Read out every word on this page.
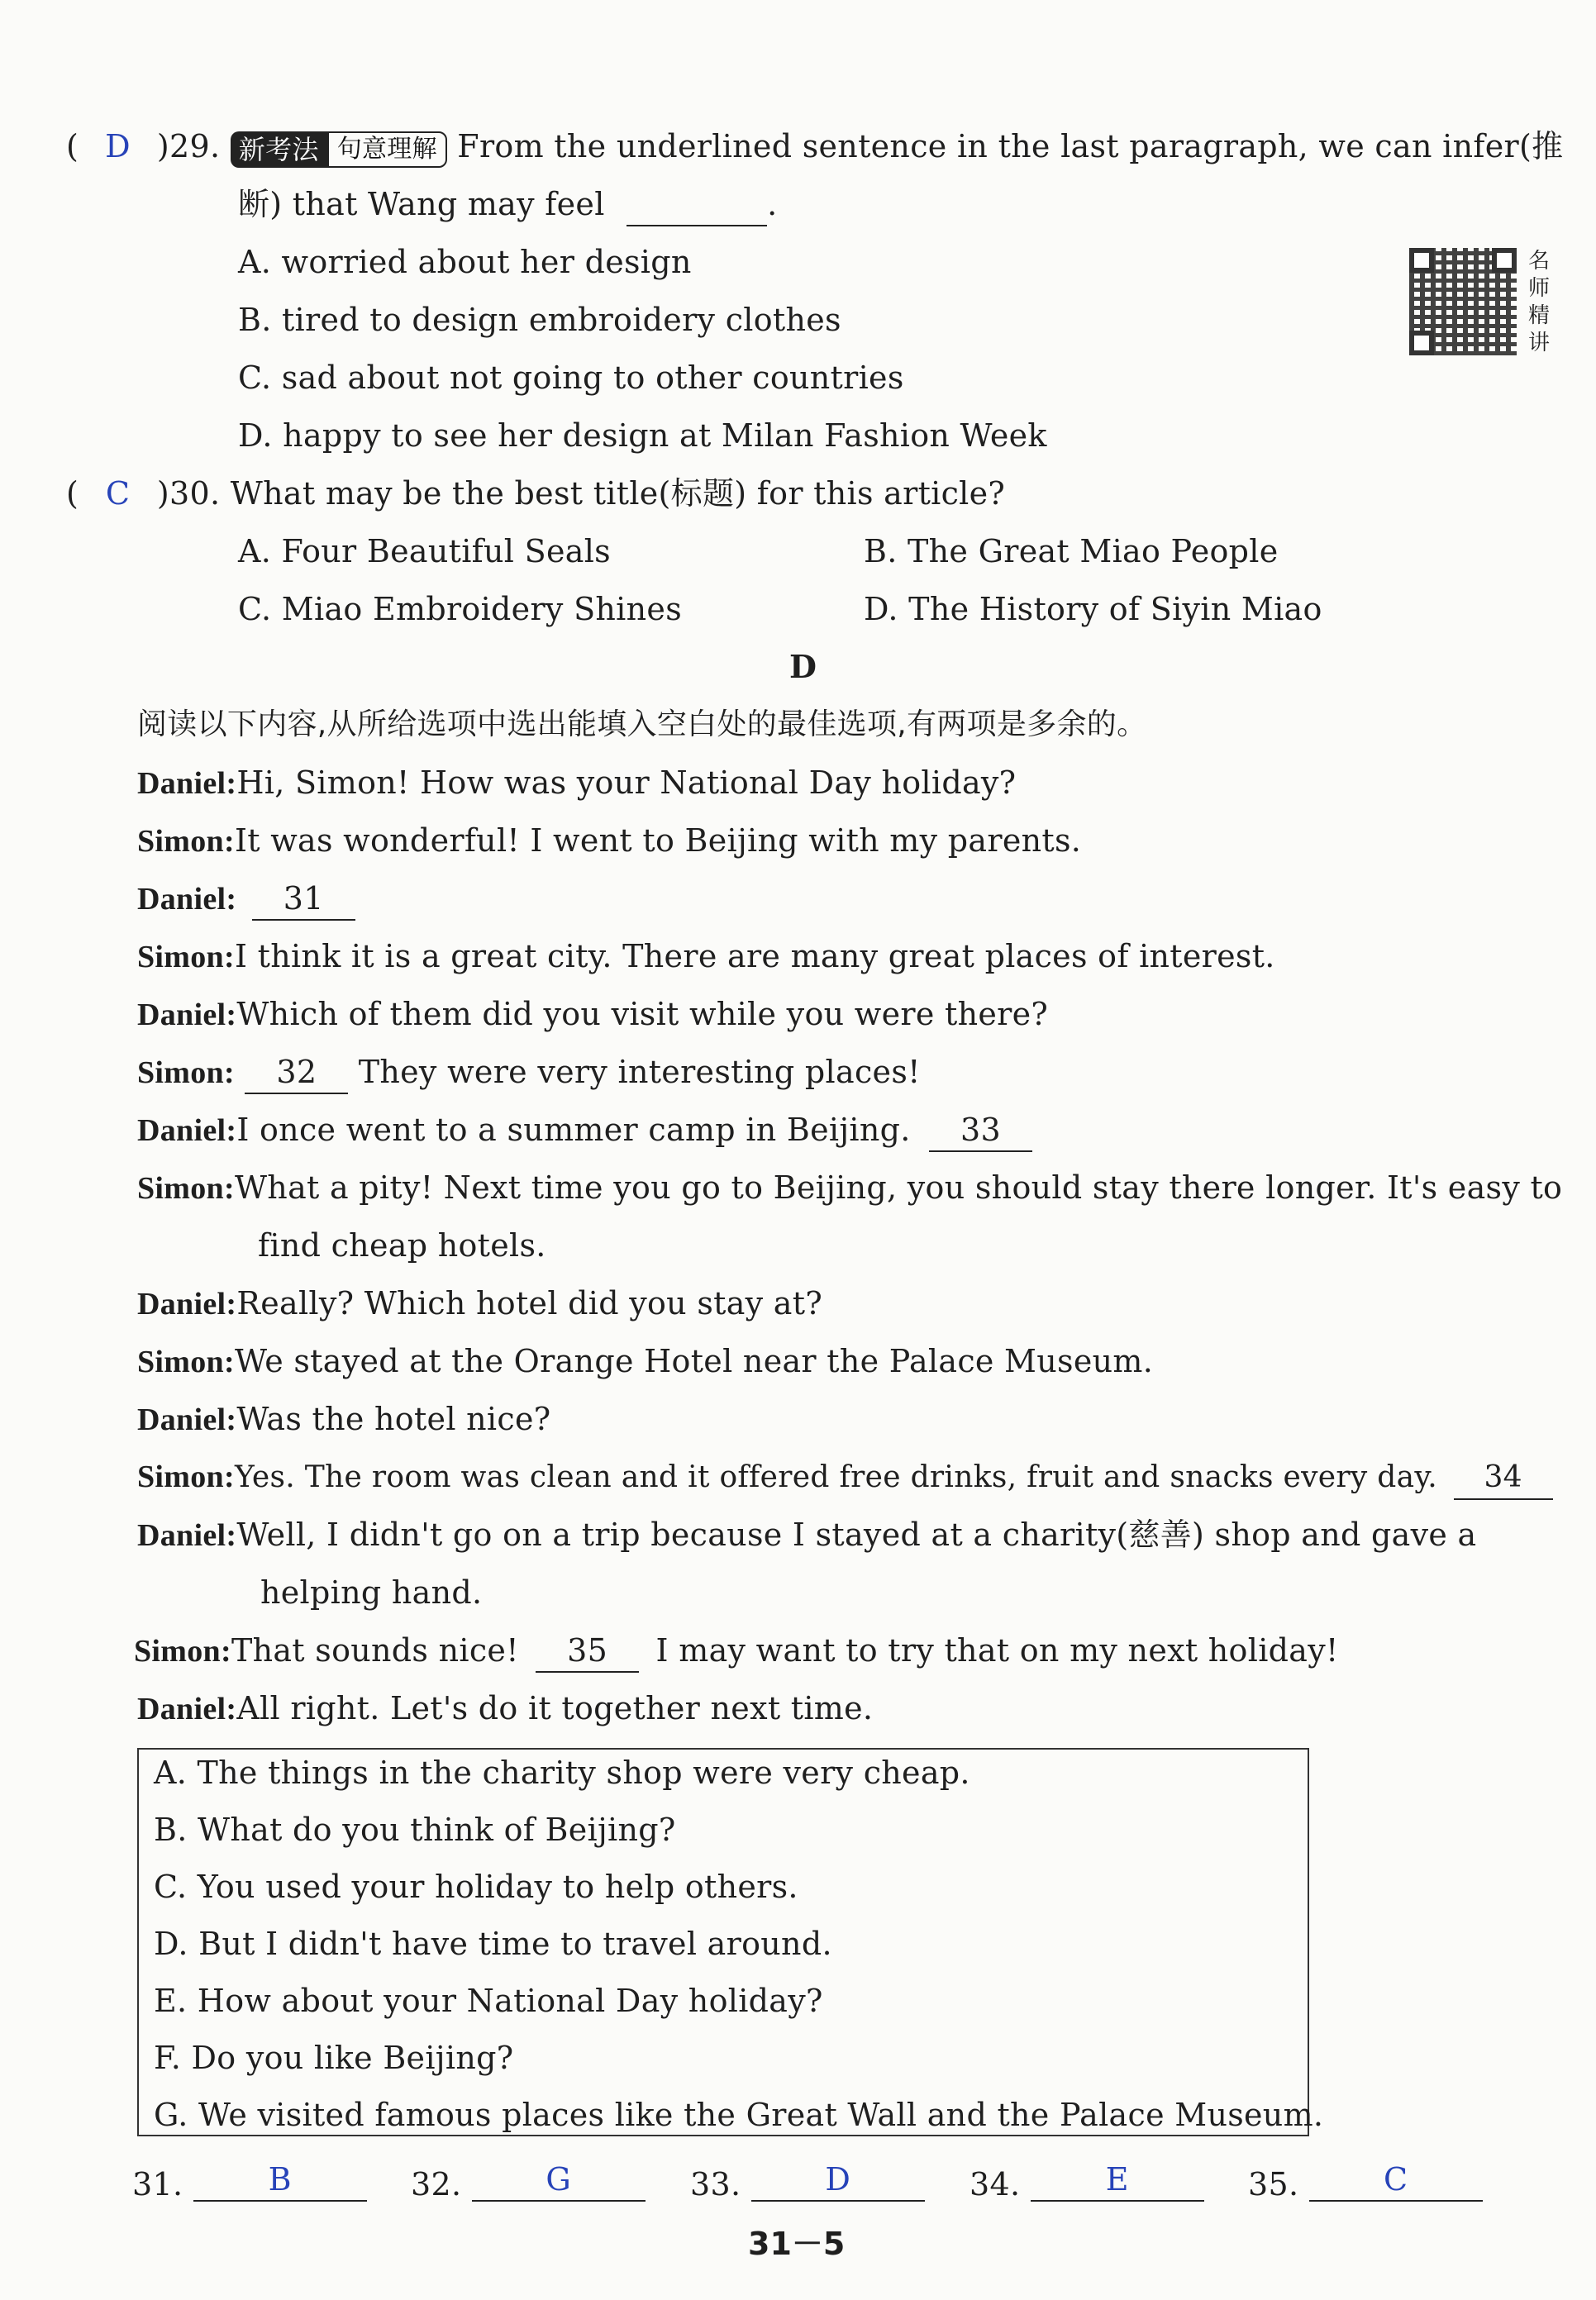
( D )29. 新考法 句意理解 From the underlined sentence in the last paragraph, we can infer(推
断) that Wang may feel	.
A. worried about her design
B. tired to design embroidery clothes
C. sad about not going to other countries
D. happy to see her design at Milan Fashion Week
名师精讲
( C )30. What may be the best title(标题) for this article?
A. Four Beautiful Seals	B. The Great Miao People
C. Miao Embroidery Shines	D. The History of Siyin Miao
D
阅读以下内容,从所给选项中选出能填入空白处的最佳选项,有两项是多余的。
Daniel:Hi, Simon! How was your National Day holiday?
Simon:It was wonderful! I went to Beijing with my parents.
Daniel: 31
Simon:I think it is a great city. There are many great places of interest.
Daniel:Which of them did you visit while you were there?
Simon: 32 They were very interesting places!
Daniel:I once went to a summer camp in Beijing. 33
Simon:What a pity! Next time you go to Beijing, you should stay there longer. It's easy to
find cheap hotels.
Daniel:Really? Which hotel did you stay at?
Simon:We stayed at the Orange Hotel near the Palace Museum.
Daniel:Was the hotel nice?
Simon:Yes. The room was clean and it offered free drinks, fruit and snacks every day. 34
Daniel:Well, I didn't go on a trip because I stayed at a charity(慈善) shop and gave a
helping hand.
Simon:That sounds nice! 35 I may want to try that on my next holiday!
Daniel:All right. Let's do it together next time.
A. The things in the charity shop were very cheap.
B. What do you think of Beijing?
C. You used your holiday to help others.
D. But I didn't have time to travel around.
E. How about your National Day holiday?
F. Do you like Beijing?
G. We visited famous places like the Great Wall and the Palace Museum.
31.	B	32.	G	33.	D	34.	E	35.	C
31－5
